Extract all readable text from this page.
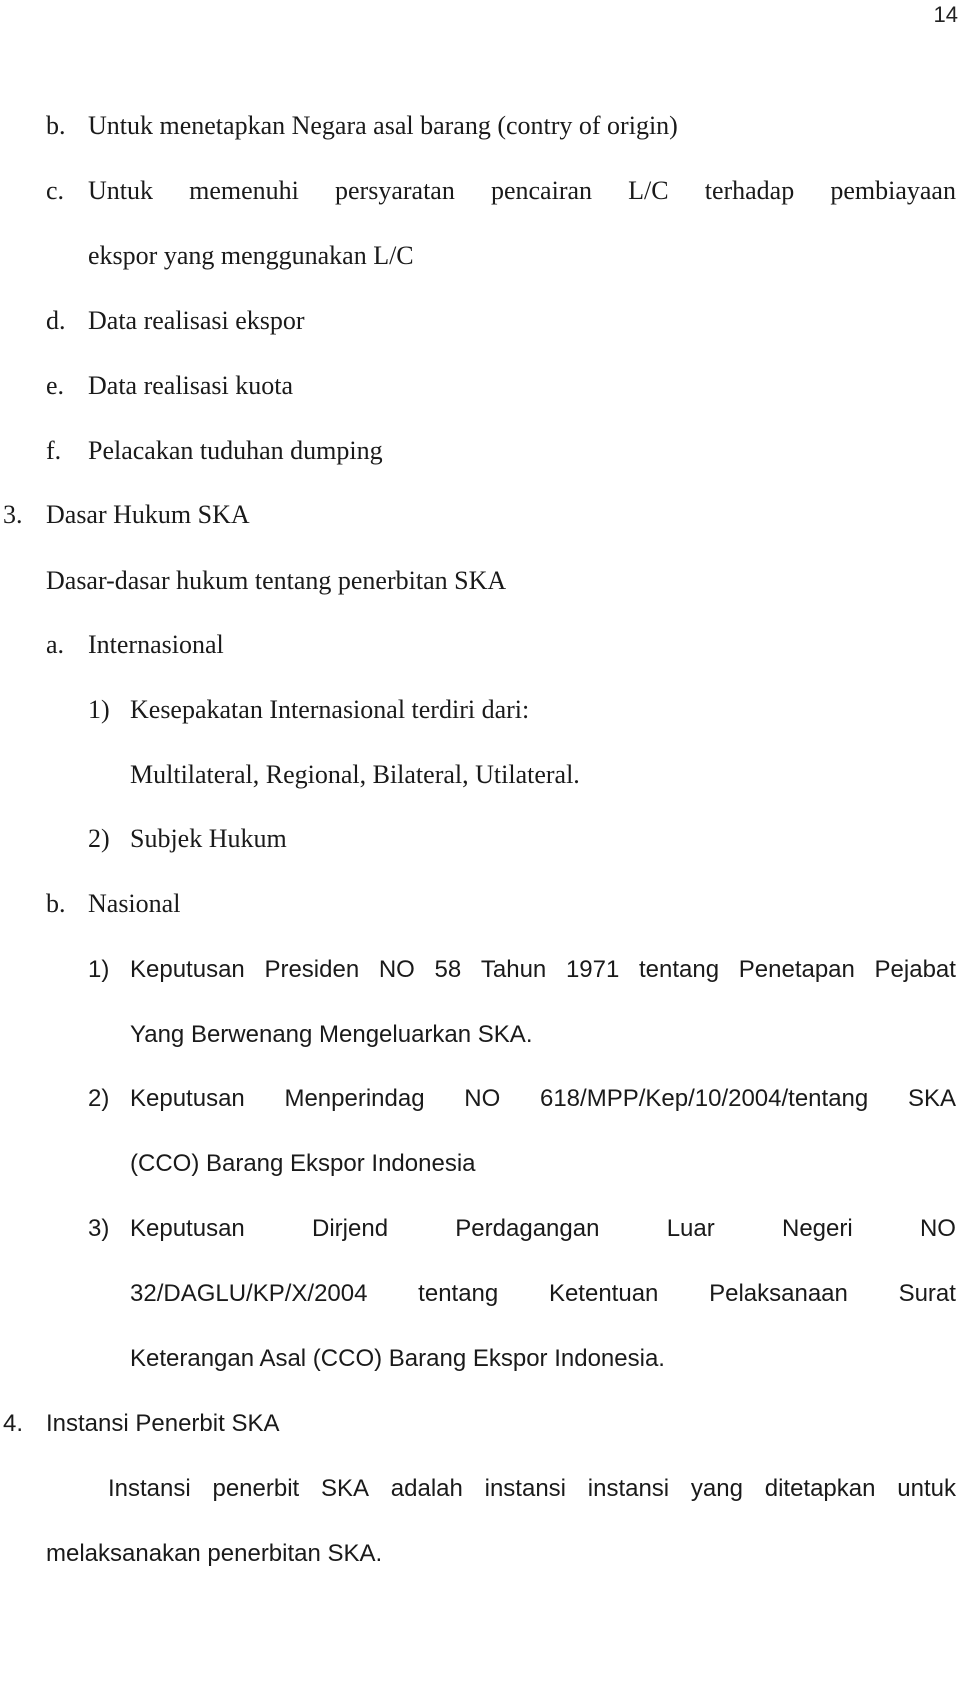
14
b. Untuk menetapkan Negara asal barang (contry of origin)
c. Untuk memenuhi persyaratan pencairan L/C terhadap pembiayaan
ekspor yang menggunakan L/C
d. Data realisasi ekspor
e. Data realisasi kuota
f. Pelacakan tuduhan dumping
3. Dasar Hukum SKA
Dasar-dasar hukum tentang penerbitan SKA
a. Internasional
1) Kesepakatan Internasional terdiri dari:
Multilateral, Regional, Bilateral, Utilateral.
2) Subjek Hukum
b. Nasional
1) Keputusan Presiden NO 58 Tahun 1971 tentang Penetapan Pejabat
Yang Berwenang Mengeluarkan SKA.
2) Keputusan Menperindag NO 618/MPP/Kep/10/2004/tentang SKA
(CCO) Barang Ekspor Indonesia
3) Keputusan	Dirjend	Perdagangan	Luar	Negeri	NO
32/DAGLU/KP/X/2004 tentang Ketentuan Pelaksanaan Surat
Keterangan Asal (CCO) Barang Ekspor Indonesia.
4. Instansi Penerbit SKA
Instansi penerbit SKA adalah instansi instansi yang ditetapkan untuk
melaksanakan penerbitan SKA.
